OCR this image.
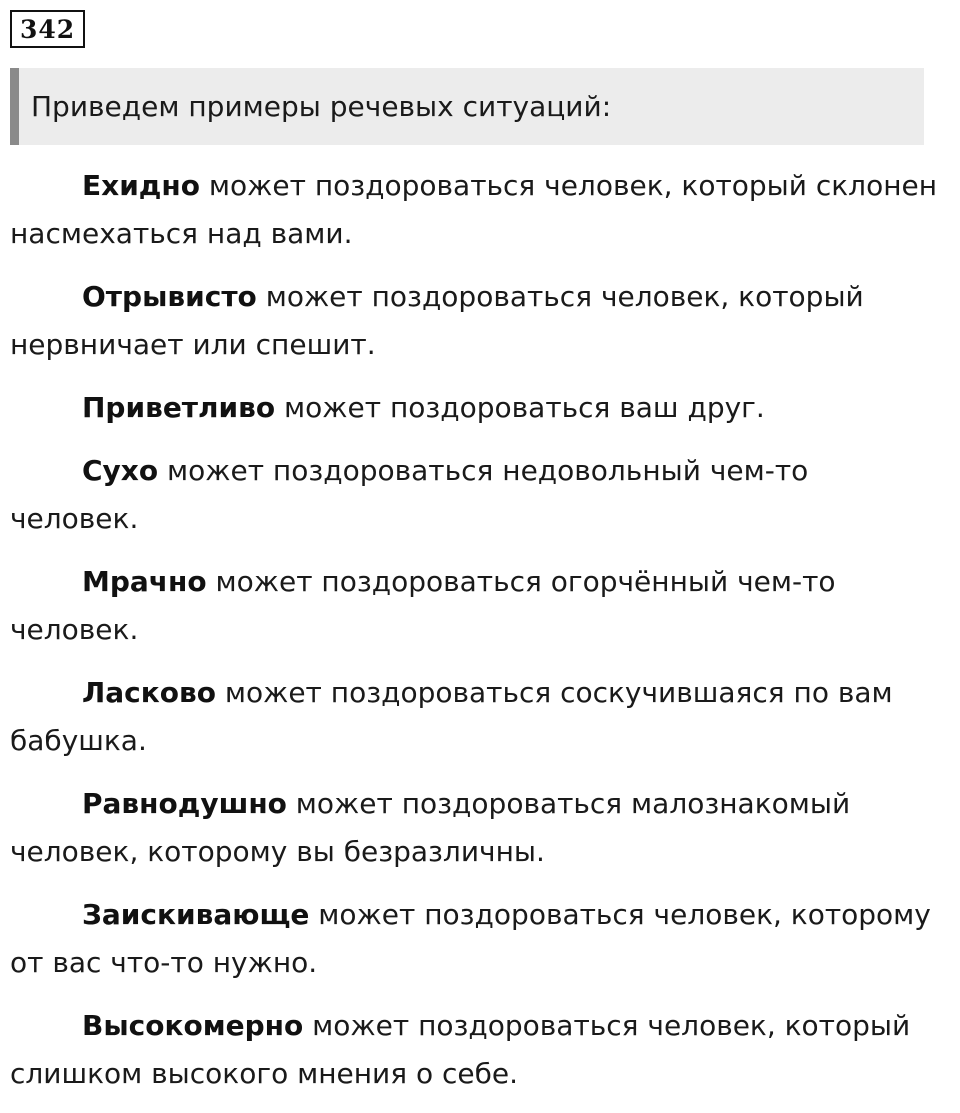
342
Приведем примеры речевых ситуаций:

Ехидно может поздороваться человек, который склонен насмехаться над вами.

Отрывисто может поздороваться человек, который нервничает или спешит.

Приветливо может поздороваться ваш друг.

Сухо может поздороваться недовольный чем-то человек.

Мрачно может поздороваться огорчённый чем-то человек.

Ласково может поздороваться соскучившаяся по вам бабушка.

Равнодушно может поздороваться малознакомый человек, которому вы безразличны.

Заискивающе может поздороваться человек, которому от вас что-то нужно.

Высокомерно может поздороваться человек, который слишком высокого мнения о себе.
